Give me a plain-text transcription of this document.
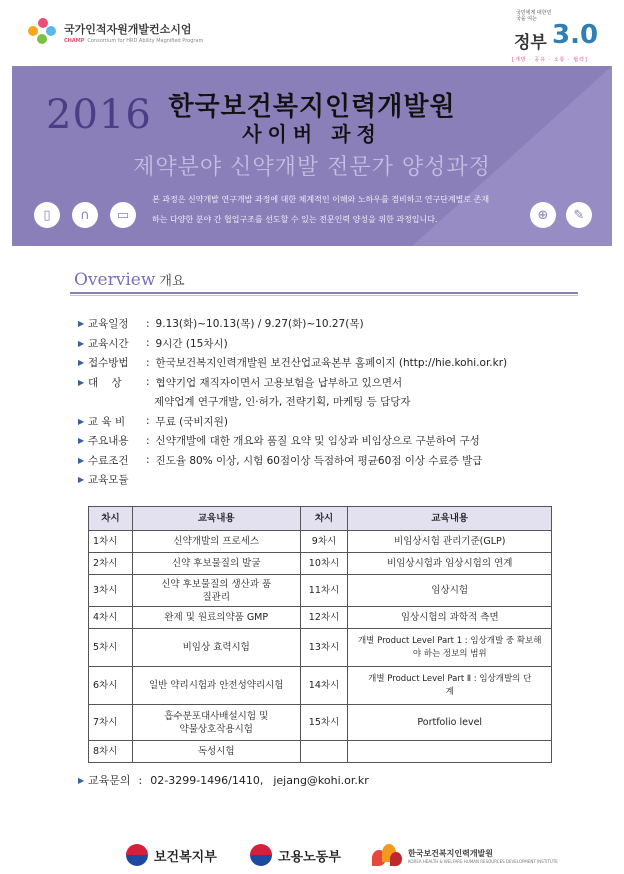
국가인적자원개발컨소시엄
CHAMP Consortium for HRD Ability Magnified Program
국민에게 대한민국을 여는
정부 3.0
[개방 · 공유 · 소통 · 협력]
2016 한국보건복지인력개발원
사이버 과정
제약분야 신약개발 전문가 양성과정
▯	∩	▭
본 과정은 신약개발 연구개발 과정에 대한 체계적인 이해와 노하우를 겸비하고 연구단계별로 존재하는 다양한 분야 간 협업구조를 선도할 수 있는 전문인력 양성을 위한 과정입니다.	⊕	✎
Overview 개요
▶ 교육일정	: 9.13(화)~10.13(목) / 9.27(화)~10.27(목)
▶ 교육시간	: 9시간 (15차시)
▶ 접수방법	: 한국보건복지인력개발원 보건산업교육본부 홈페이지 (http://hie.kohi.or.kr)
▶ 대    상	: 협약기업 재직자이면서 고용보험을 납부하고 있으면서
제약업계 연구개발, 인·허가, 전략기획, 마케팅 등 담당자
▶ 교 육 비	: 무료 (국비지원)
▶ 주요내용	: 신약개발에 대한 개요와 품질 요약 및 임상과 비임상으로 구분하여 구성
▶ 수료조건	: 진도율 80% 이상, 시험 60점이상 득점하여 평균60점 이상 수료증 발급
▶ 교육모듈
차시	교육내용	차시	교육내용
1차시	신약개발의 프로세스	9차시	비임상시험 관리기준(GLP)
2차시	신약 후보물질의 발굴	10차시	비임상시험과 임상시험의 연계
3차시	신약 후보물질의 생산과 품질관리	11차시	임상시험
4차시	완제 및 원료의약품 GMP	12차시	임상시험의 과학적 측면
5차시	비임상 효력시험	13차시	개별 Product Level Part 1 : 임상개발 중 확보해야 하는 정보의 범위
6차시	일반 약리시험과 안전성약리시험	14차시	개별 Product Level Part Ⅱ : 임상개발의 단계
7차시	흡수분포대사배설시험 및 약물상호작용시험	15차시	Portfolio level
8차시	독성시험		
▶ 교육문의 : 02-3299-1496/1410, jejang@kohi.or.kr
보건복지부	고용노동부	한국보건복지인력개발원
KOREA HEALTH & WELFARE HUMAN RESOURCES DEVELOPMENT INSTITUTE
